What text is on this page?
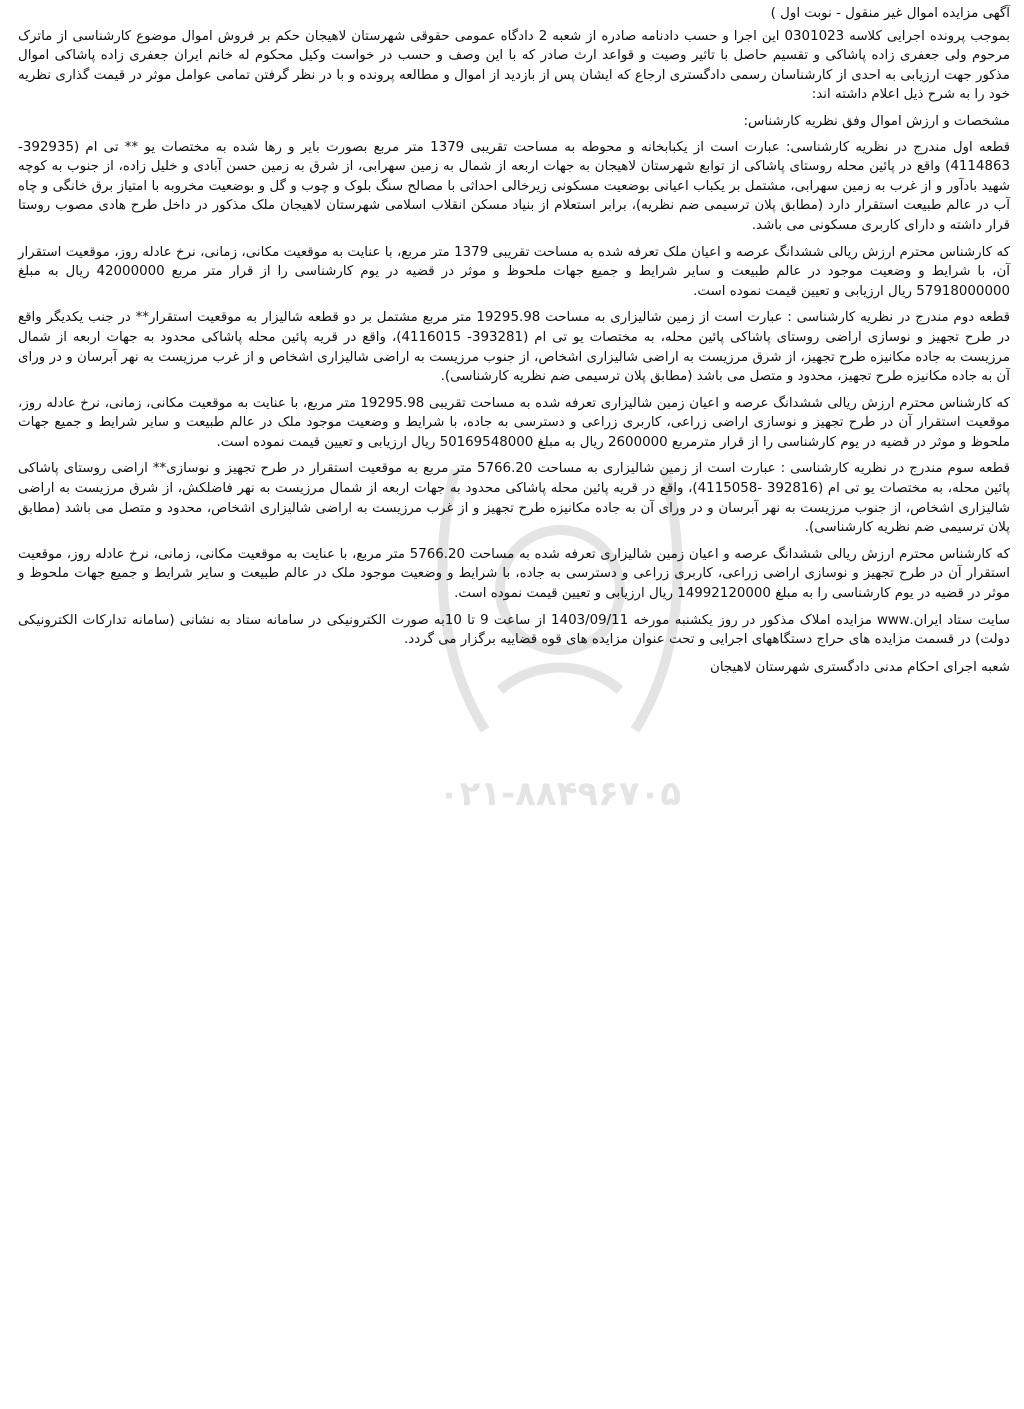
آگهی مزایده اموال غیر منقول - نوبت اول )

بموجب پرونده اجرایی کلاسه 0301023 این اجرا و حسب دادنامه صادره از شعبه 2 دادگاه عمومی حقوقی شهرستان لاهیجان حکم بر فروش اموال موضوع کارشناسی از ماترک مرحوم ولی جعفری زاده پاشاکی و تقسیم حاصل با تاثیر وصیت و قواعد ارث صادر که با این وصف و حسب در خواست وکیل محکوم له خانم ایران جعفری زاده پاشاکی اموال مذکور جهت ارزیابی به احدی از کارشناسان رسمی دادگستری ارجاع که ایشان پس از بازدید از اموال و مطالعه پرونده و با در نظر گرفتن تمامی عوامل موثر در قیمت گذاری نظریه خود را به شرح ذیل اعلام داشته اند:

مشخصات و ارزش اموال وفق نظریه کارشناس:

قطعه اول مندرج در نظریه کارشناسی: عبارت است از یکبابخانه و محوطه به مساحت تقریبی 1379 متر مربع بصورت بایر و رها شده به مختصات یو ** تی ام (392935- 4114863) واقع در پائین محله روستای پاشاکی از توابع شهرستان لاهیجان به جهات اربعه از شمال به زمین سهرابی، از شرق به زمین حسن آبادی و خلیل زاده، از جنوب به کوچه شهید بادآور و از غرب به زمین سهرابی، مشتمل بر یکباب اعیانی بوضعیت مسکونی زیرخالی احداثی با مصالح سنگ بلوک و چوب و گل و بوضعیت مخروبه با امتیاز برق خانگی و چاه آب در عالم طبیعت استقرار دارد (مطابق پلان ترسیمی ضم نظریه)، برابر استعلام از بنیاد مسکن انقلاب اسلامی شهرستان لاهیجان ملک مذکور در داخل طرح هادی مصوب روستا قرار داشته و دارای کاربری مسکونی می باشد.

که کارشناس محترم ارزش ریالی ششدانگ عرصه و اعیان ملک تعرفه شده به مساحت تقریبی 1379 متر مربع، با عنایت به موقعیت مکانی، زمانی، نرخ عادله روز، موقعیت استقرار آن، با شرایط و وضعیت موجود در عالم طبیعت و سایر شرایط و جمیع جهات ملحوظ و موثر در قضیه در یوم کارشناسی را از قرار متر مربع 42000000 ریال به مبلغ 57918000000 ریال ارزیابی و تعیین قیمت نموده است.

قطعه دوم مندرج در نظریه کارشناسی : عبارت است از زمین شالیزاری به مساحت 19295.98 متر مربع مشتمل بر دو قطعه شالیزار به موقعیت استقرار** در جنب یکدیگر واقع در طرح تجهیز و نوسازی اراضی روستای پاشاکی پائین محله، به مختصات یو تی ام (393281- 4116015)، واقع در قریه پائین محله پاشاکی محدود به جهات اربعه از شمال مرزیست به جاده مکانیزه طرح تجهیز، از شرق مرزیست به اراضی شالیزاری اشخاص، از جنوب مرزیست به اراضی شالیزاری اشخاص و از غرب مرزیست به نهر آبرسان و در ورای آن به جاده مکانیزه طرح تجهیز، محدود و متصل می باشد (مطابق پلان ترسیمی ضم نظریه کارشناسی).

که کارشناس محترم ارزش ریالی ششدانگ عرصه و اعیان زمین شالیزاری تعرفه شده به مساحت تقریبی 19295.98 متر مربع، با عنایت به موقعیت مکانی، زمانی، نرخ عادله روز، موقعیت استقرار آن در طرح تجهیز و نوسازی اراضی زراعی، کاربری زراعی و دسترسی به جاده، با شرایط و وضعیت موجود ملک در عالم طبیعت و سایر شرایط و جمیع جهات ملحوظ و موثر در قضیه در یوم کارشناسی را از قرار مترمربع 2600000 ریال به مبلغ 50169548000 ریال ارزیابی و تعیین قیمت نموده است.

قطعه سوم مندرج در نظریه کارشناسی : عبارت است از زمین شالیزاری به مساحت 5766.20 متر مربع به موقعیت استقرار در طرح تجهیز و نوسازی** اراضی روستای پاشاکی پائین محله، به مختصات یو تی ام (392816 -4115058)، واقع در قریه پائین محله پاشاکی محدود به جهات اربعه از شمال مرزیست به نهر فاضلکش، از شرق مرزیست به اراضی شالیزاری اشخاص، از جنوب مرزیست به نهر آبرسان و در ورای آن به جاده مکانیزه طرح تجهیز و از غرب مرزیست به اراضی شالیزاری اشخاص، محدود و متصل می باشد (مطابق پلان ترسیمی ضم نظریه کارشناسی).

که کارشناس محترم ارزش ریالی ششدانگ عرصه و اعیان زمین شالیزاری تعرفه شده به مساحت 5766.20 متر مربع، با عنایت به موقعیت مکانی، زمانی، نرخ عادله روز، موقعیت استقرار آن در طرح تجهیز و نوسازی اراضی زراعی، کاربری زراعی و دسترسی به جاده، با شرایط و وضعیت موجود ملک در عالم طبیعت و سایر شرایط و جمیع جهات ملحوظ و موثر در قضیه در یوم کارشناسی را به مبلغ 14992120000 ریال ارزیابی و تعیین قیمت نموده است.

سایت ستاد ایران.www مزایده املاک مذکور در روز یکشنبه مورخه 1403/09/11 از ساعت 9 تا 10به صورت الکترونیکی در سامانه ستاد به نشانی (سامانه تدارکات الکترونیکی دولت) در قسمت مزایده های حراج دستگاههای اجرایی و تحت عنوان مزایده های قوه قضاییه برگزار می گردد.

شعبه اجرای احکام مدنی دادگستری شهرستان لاهیجان

۰۲۱-۸۸۴۹۶۷۰۵
